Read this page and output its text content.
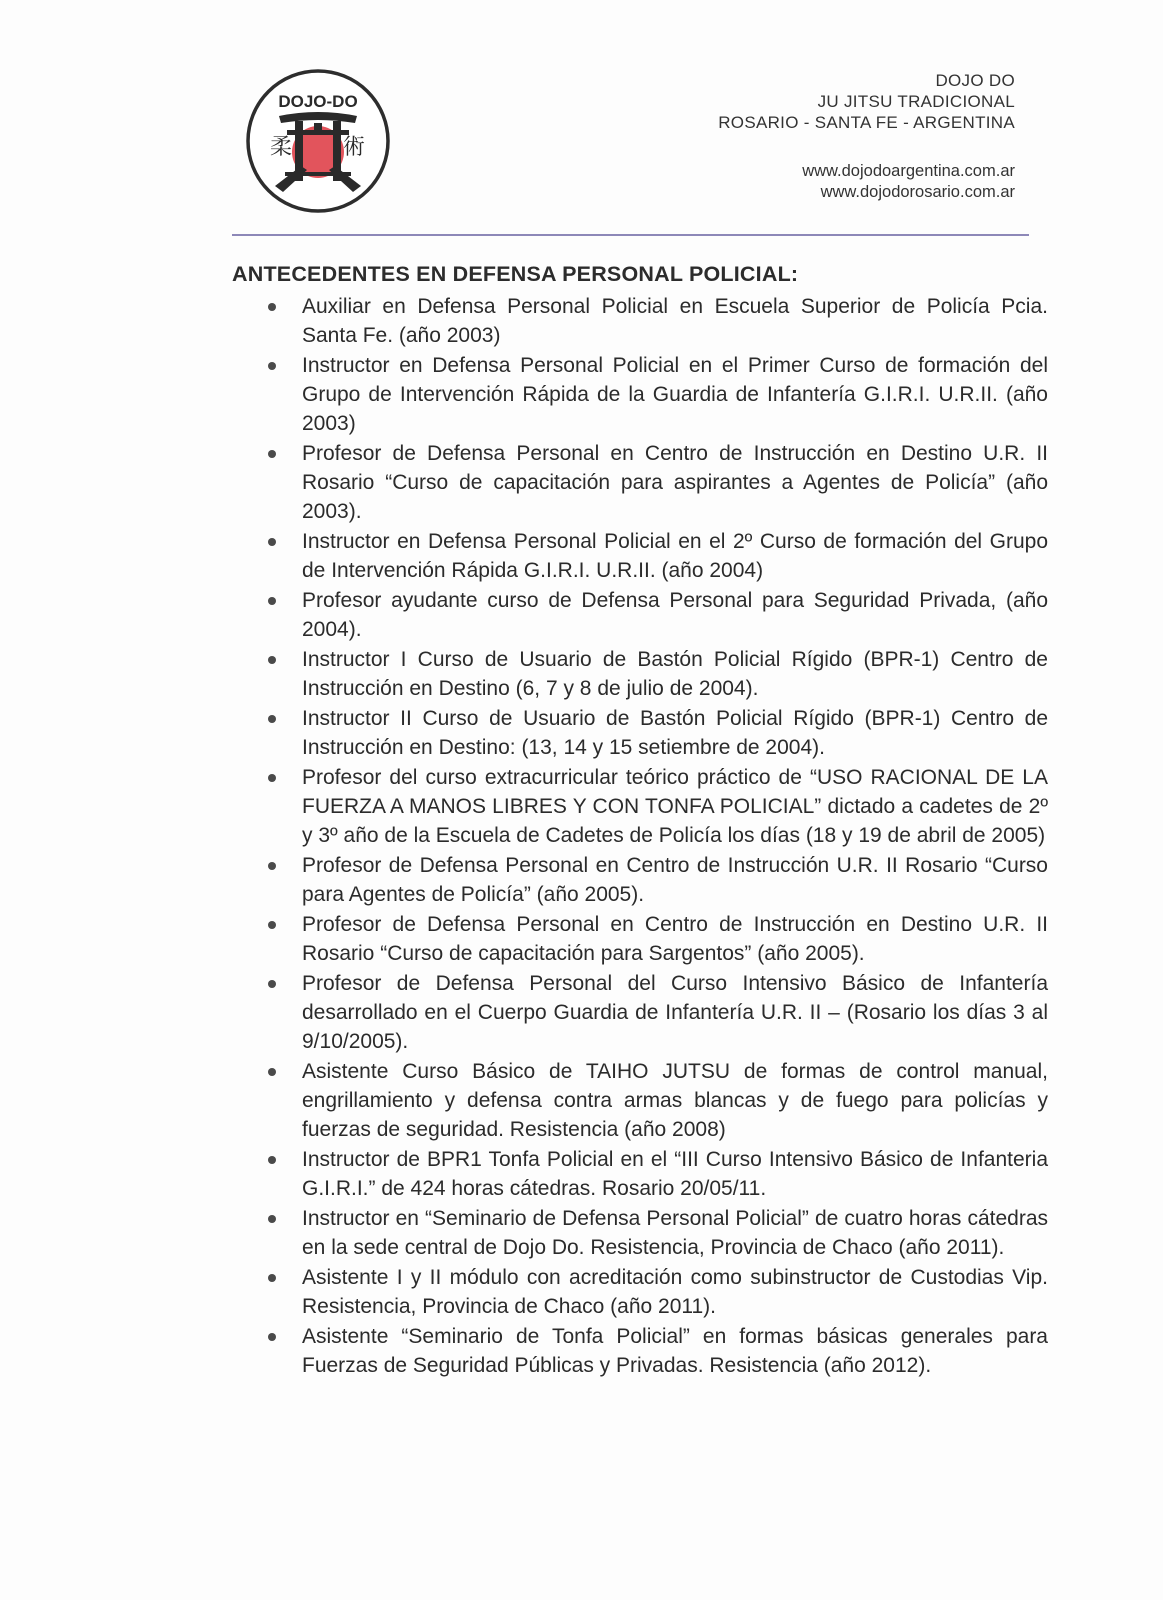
DOJO-DO
柔 術
DOJO DO
JU JITSU TRADICIONAL
ROSARIO - SANTA FE - ARGENTINA
www.dojodoargentina.com.ar
www.dojodorosario.com.ar
ANTECEDENTES EN DEFENSA PERSONAL POLICIAL:
Auxiliar en Defensa Personal Policial en Escuela Superior de Policía Pcia. Santa Fe. (año 2003)
Instructor en Defensa Personal Policial en el Primer Curso de formación del Grupo de Intervención Rápida de la Guardia de Infantería G.I.R.I. U.R.II. (año 2003)
Profesor de Defensa Personal en Centro de Instrucción en Destino U.R. II Rosario “Curso de capacitación para aspirantes a Agentes de Policía” (año 2003).
Instructor en Defensa Personal Policial en el 2º Curso de formación del Grupo de Intervención Rápida G.I.R.I. U.R.II. (año 2004)
Profesor ayudante curso de Defensa Personal para Seguridad Privada, (año 2004).
Instructor I Curso de Usuario de Bastón Policial Rígido (BPR-1) Centro de Instrucción en Destino (6, 7 y 8 de julio de 2004).
Instructor II Curso de Usuario de Bastón Policial Rígido (BPR-1) Centro de Instrucción en Destino: (13, 14 y 15 setiembre de 2004).
Profesor del curso extracurricular teórico práctico de “USO RACIONAL DE LA FUERZA A MANOS LIBRES Y CON TONFA POLICIAL” dictado a cadetes de 2º y 3º año de la Escuela de Cadetes de Policía los días (18 y 19 de abril de 2005)
Profesor de Defensa Personal en Centro de Instrucción U.R. II Rosario “Curso para Agentes de Policía” (año 2005).
Profesor de Defensa Personal en Centro de Instrucción en Destino U.R. II Rosario “Curso de capacitación para Sargentos” (año 2005).
Profesor de Defensa Personal del Curso Intensivo Básico de Infantería desarrollado en el Cuerpo Guardia de Infantería U.R. II – (Rosario los días 3 al 9/10/2005).
Asistente Curso Básico de TAIHO JUTSU de formas de control manual, engrillamiento y defensa contra armas blancas y de fuego para policías y fuerzas de seguridad. Resistencia (año 2008)
Instructor de BPR1 Tonfa Policial en el “III Curso Intensivo Básico de Infanteria G.I.R.I.” de 424 horas cátedras. Rosario 20/05/11.
Instructor en “Seminario de Defensa Personal Policial” de cuatro horas cátedras en la sede central de Dojo Do. Resistencia, Provincia de Chaco (año 2011).
Asistente I y II módulo con acreditación como subinstructor de Custodias Vip. Resistencia, Provincia de Chaco (año 2011).
Asistente “Seminario de Tonfa Policial” en formas básicas generales para Fuerzas de Seguridad Públicas y Privadas. Resistencia (año 2012).
